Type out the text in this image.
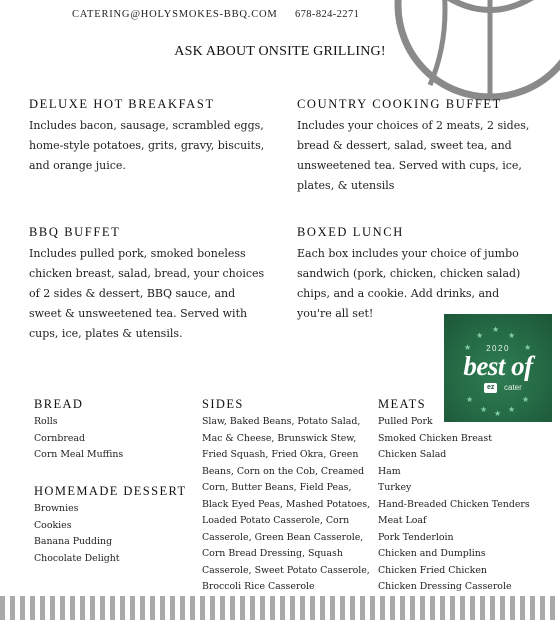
CATERING@HOLYSMOKES-BBQ.COM 678-824-2271
ASK ABOUT ONSITE GRILLING!
DELUXE HOT BREAKFAST
Includes bacon, sausage, scrambled eggs,
home-style potatoes, grits, gravy, biscuits,
and orange juice.
COUNTRY COOKING BUFFET
Includes your choices of 2 meats, 2 sides,
bread & dessert, salad, sweet tea, and
unsweetened tea. Served with cups, ice,
plates, & utensils
BBQ BUFFET
Includes pulled pork, smoked boneless
chicken breast, salad, bread, your choices
of 2 sides & dessert, BBQ sauce, and
sweet & unsweetened tea. Served with
cups, ice, plates & utensils.
BOXED LUNCH
Each box includes your choice of jumbo
sandwich (pork, chicken, chicken salad)
chips, and a cookie. Add drinks, and
you're all set!
★
★	★
★	★
★	★
★	★
★
2020
best of
ez	cater
BREAD
Rolls
Cornbread
Corn Meal Muffins
HOMEMADE DESSERT
Brownies
Cookies
Banana Pudding
Chocolate Delight
SIDES
Slaw, Baked Beans, Potato Salad,
Mac & Cheese, Brunswick Stew,
Fried Squash, Fried Okra, Green
Beans, Corn on the Cob, Creamed
Corn, Butter Beans, Field Peas,
Black Eyed Peas, Mashed Potatoes,
Loaded Potato Casserole, Corn
Casserole, Green Bean Casserole,
Corn Bread Dressing, Squash
Casserole, Sweet Potato Casserole,
Broccoli Rice Casserole
MEATS
Pulled Pork
Smoked Chicken Breast
Chicken Salad
Ham
Turkey
Hand-Breaded Chicken Tenders
Meat Loaf
Pork Tenderloin
Chicken and Dumplins
Chicken Fried Chicken
Chicken Dressing Casserole
